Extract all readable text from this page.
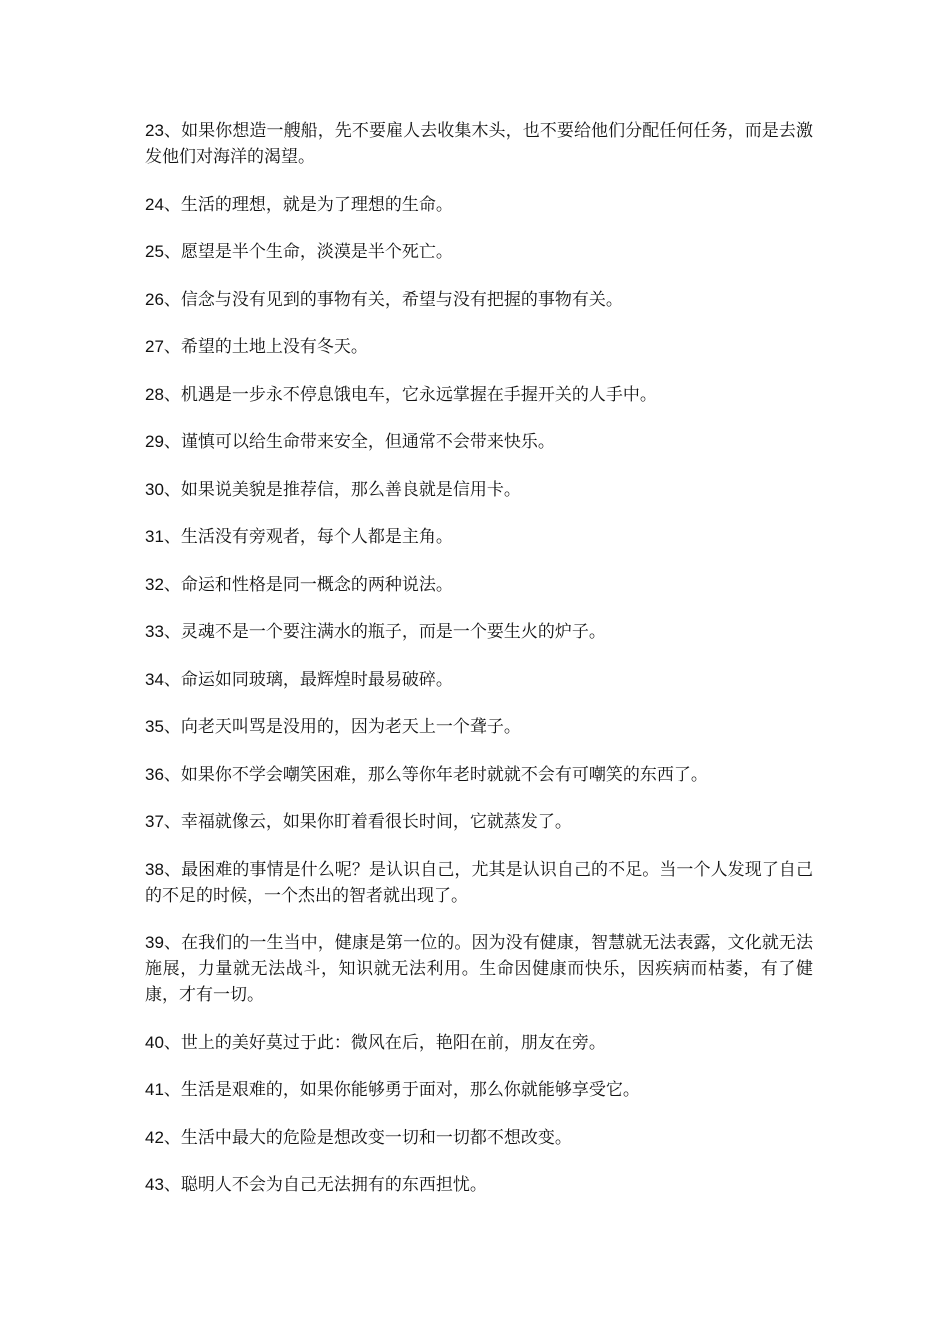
23、如果你想造一艘船，先不要雇人去收集木头，也不要给他们分配任何任务，而是去激发他们对海洋的渴望。

24、生活的理想，就是为了理想的生命。

25、愿望是半个生命，淡漠是半个死亡。

26、信念与没有见到的事物有关，希望与没有把握的事物有关。

27、希望的土地上没有冬天。

28、机遇是一步永不停息饿电车，它永远掌握在手握开关的人手中。

29、谨慎可以给生命带来安全，但通常不会带来快乐。

30、如果说美貌是推荐信，那么善良就是信用卡。

31、生活没有旁观者，每个人都是主角。

32、命运和性格是同一概念的两种说法。

33、灵魂不是一个要注满水的瓶子，而是一个要生火的炉子。

34、命运如同玻璃，最辉煌时最易破碎。

35、向老天叫骂是没用的，因为老天上一个聋子。

36、如果你不学会嘲笑困难，那么等你年老时就就不会有可嘲笑的东西了。

37、幸福就像云，如果你盯着看很长时间，它就蒸发了。

38、最困难的事情是什么呢？是认识自己，尤其是认识自己的不足。当一个人发现了自己的不足的时候，一个杰出的智者就出现了。

39、在我们的一生当中，健康是第一位的。因为没有健康，智慧就无法表露，文化就无法施展，力量就无法战斗，知识就无法利用。生命因健康而快乐，因疾病而枯萎，有了健康，才有一切。

40、世上的美好莫过于此：微风在后，艳阳在前，朋友在旁。

41、生活是艰难的，如果你能够勇于面对，那么你就能够享受它。

42、生活中最大的危险是想改变一切和一切都不想改变。

43、聪明人不会为自己无法拥有的东西担忧。
